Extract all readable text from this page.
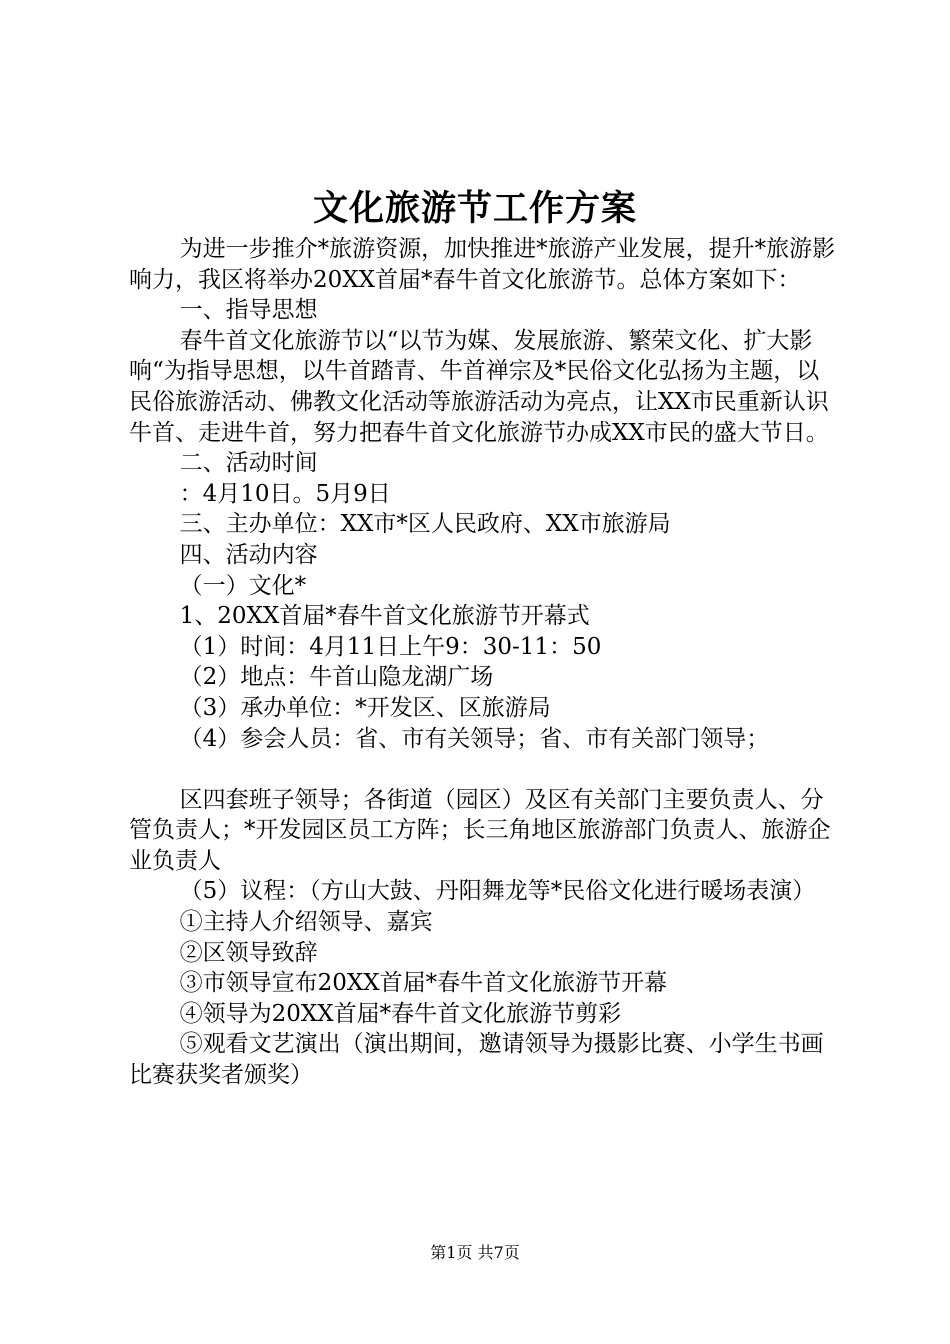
文化旅游节工作方案

为进一步推介*旅游资源，加快推进*旅游产业发展，提升*旅游影响力，我区将举办20XX首届*春牛首文化旅游节。总体方案如下：

一、指导思想

春牛首文化旅游节以“以节为媒、发展旅游、繁荣文化、扩大影响“为指导思想，以牛首踏青、牛首禅宗及*民俗文化弘扬为主题，以民俗旅游活动、佛教文化活动等旅游活动为亮点，让XX市民重新认识牛首、走进牛首，努力把春牛首文化旅游节办成XX市民的盛大节日。

二、活动时间

：4月10日。5月9日

三、主办单位：XX市*区人民政府、XX市旅游局

四、活动内容

（一）文化*

1、20XX首届*春牛首文化旅游节开幕式

（1）时间：4月11日上午9：30-11：50

（2）地点：牛首山隐龙湖广场

（3）承办单位：*开发区、区旅游局

（4）参会人员：省、市有关领导；省、市有关部门领导；

区四套班子领导；各街道（园区）及区有关部门主要负责人、分管负责人；*开发园区员工方阵；长三角地区旅游部门负责人、旅游企业负责人

（5）议程：（方山大鼓、丹阳舞龙等*民俗文化进行暖场表演）

①主持人介绍领导、嘉宾

②区领导致辞

③市领导宣布20XX首届*春牛首文化旅游节开幕

④领导为20XX首届*春牛首文化旅游节剪彩

⑤观看文艺演出（演出期间，邀请领导为摄影比赛、小学生书画比赛获奖者颁奖）

第1页 共7页
